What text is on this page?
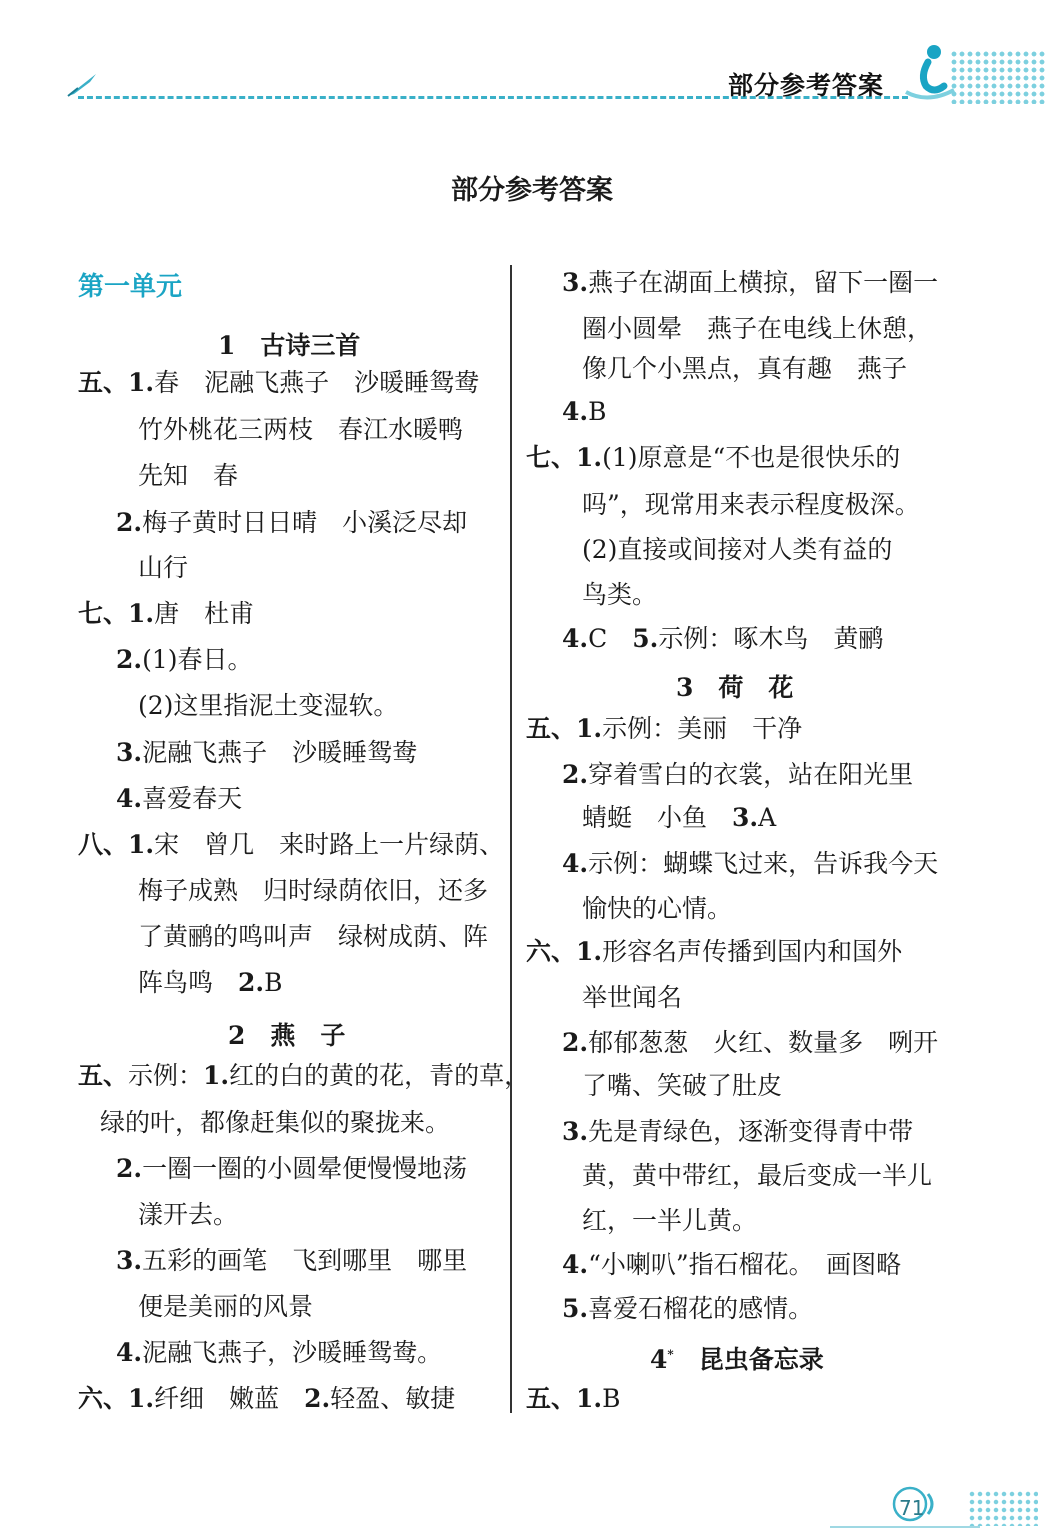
部分参考答案
部分参考答案
第一单元
1　古诗三首
五、1.春　泥融飞燕子　沙暖睡鸳鸯
竹外桃花三两枝　春江水暖鸭
先知　春
2.梅子黄时日日晴　小溪泛尽却
山行
七、1.唐　杜甫
2.(1)春日。
(2)这里指泥土变湿软。
3.泥融飞燕子　沙暖睡鸳鸯
4.喜爱春天
八、1.宋　曾几　来时路上一片绿荫、
梅子成熟　归时绿荫依旧，还多
了黄鹂的鸣叫声　绿树成荫、阵
阵鸟鸣　2.B
2　燕　子
五、示例：1.红的白的黄的花，青的草，
绿的叶，都像赶集似的聚拢来。
2.一圈一圈的小圆晕便慢慢地荡
漾开去。
3.五彩的画笔　飞到哪里　哪里
便是美丽的风景
4.泥融飞燕子，沙暖睡鸳鸯。
六、1.纤细　嫩蓝　2.轻盈、敏捷
3.燕子在湖面上横掠，留下一圈一
圈小圆晕　燕子在电线上休憩，
像几个小黑点，真有趣　燕子
4.B
七、1.(1)原意是“不也是很快乐的
吗”，现常用来表示程度极深。
(2)直接或间接对人类有益的
鸟类。
4.C　5.示例：啄木鸟　黄鹂
3　荷　花
五、1.示例：美丽　干净
2.穿着雪白的衣裳，站在阳光里
蜻蜓　小鱼　3.A
4.示例：蝴蝶飞过来，告诉我今天
愉快的心情。
六、1.形容名声传播到国内和国外
举世闻名
2.郁郁葱葱　火红、数量多　咧开
了嘴、笑破了肚皮
3.先是青绿色，逐渐变得青中带
黄，黄中带红，最后变成一半儿
红，一半儿黄。
4.“小喇叭”指石榴花。　画图略
5.喜爱石榴花的感情。
4*　 昆虫备忘录
五、1.B
71
